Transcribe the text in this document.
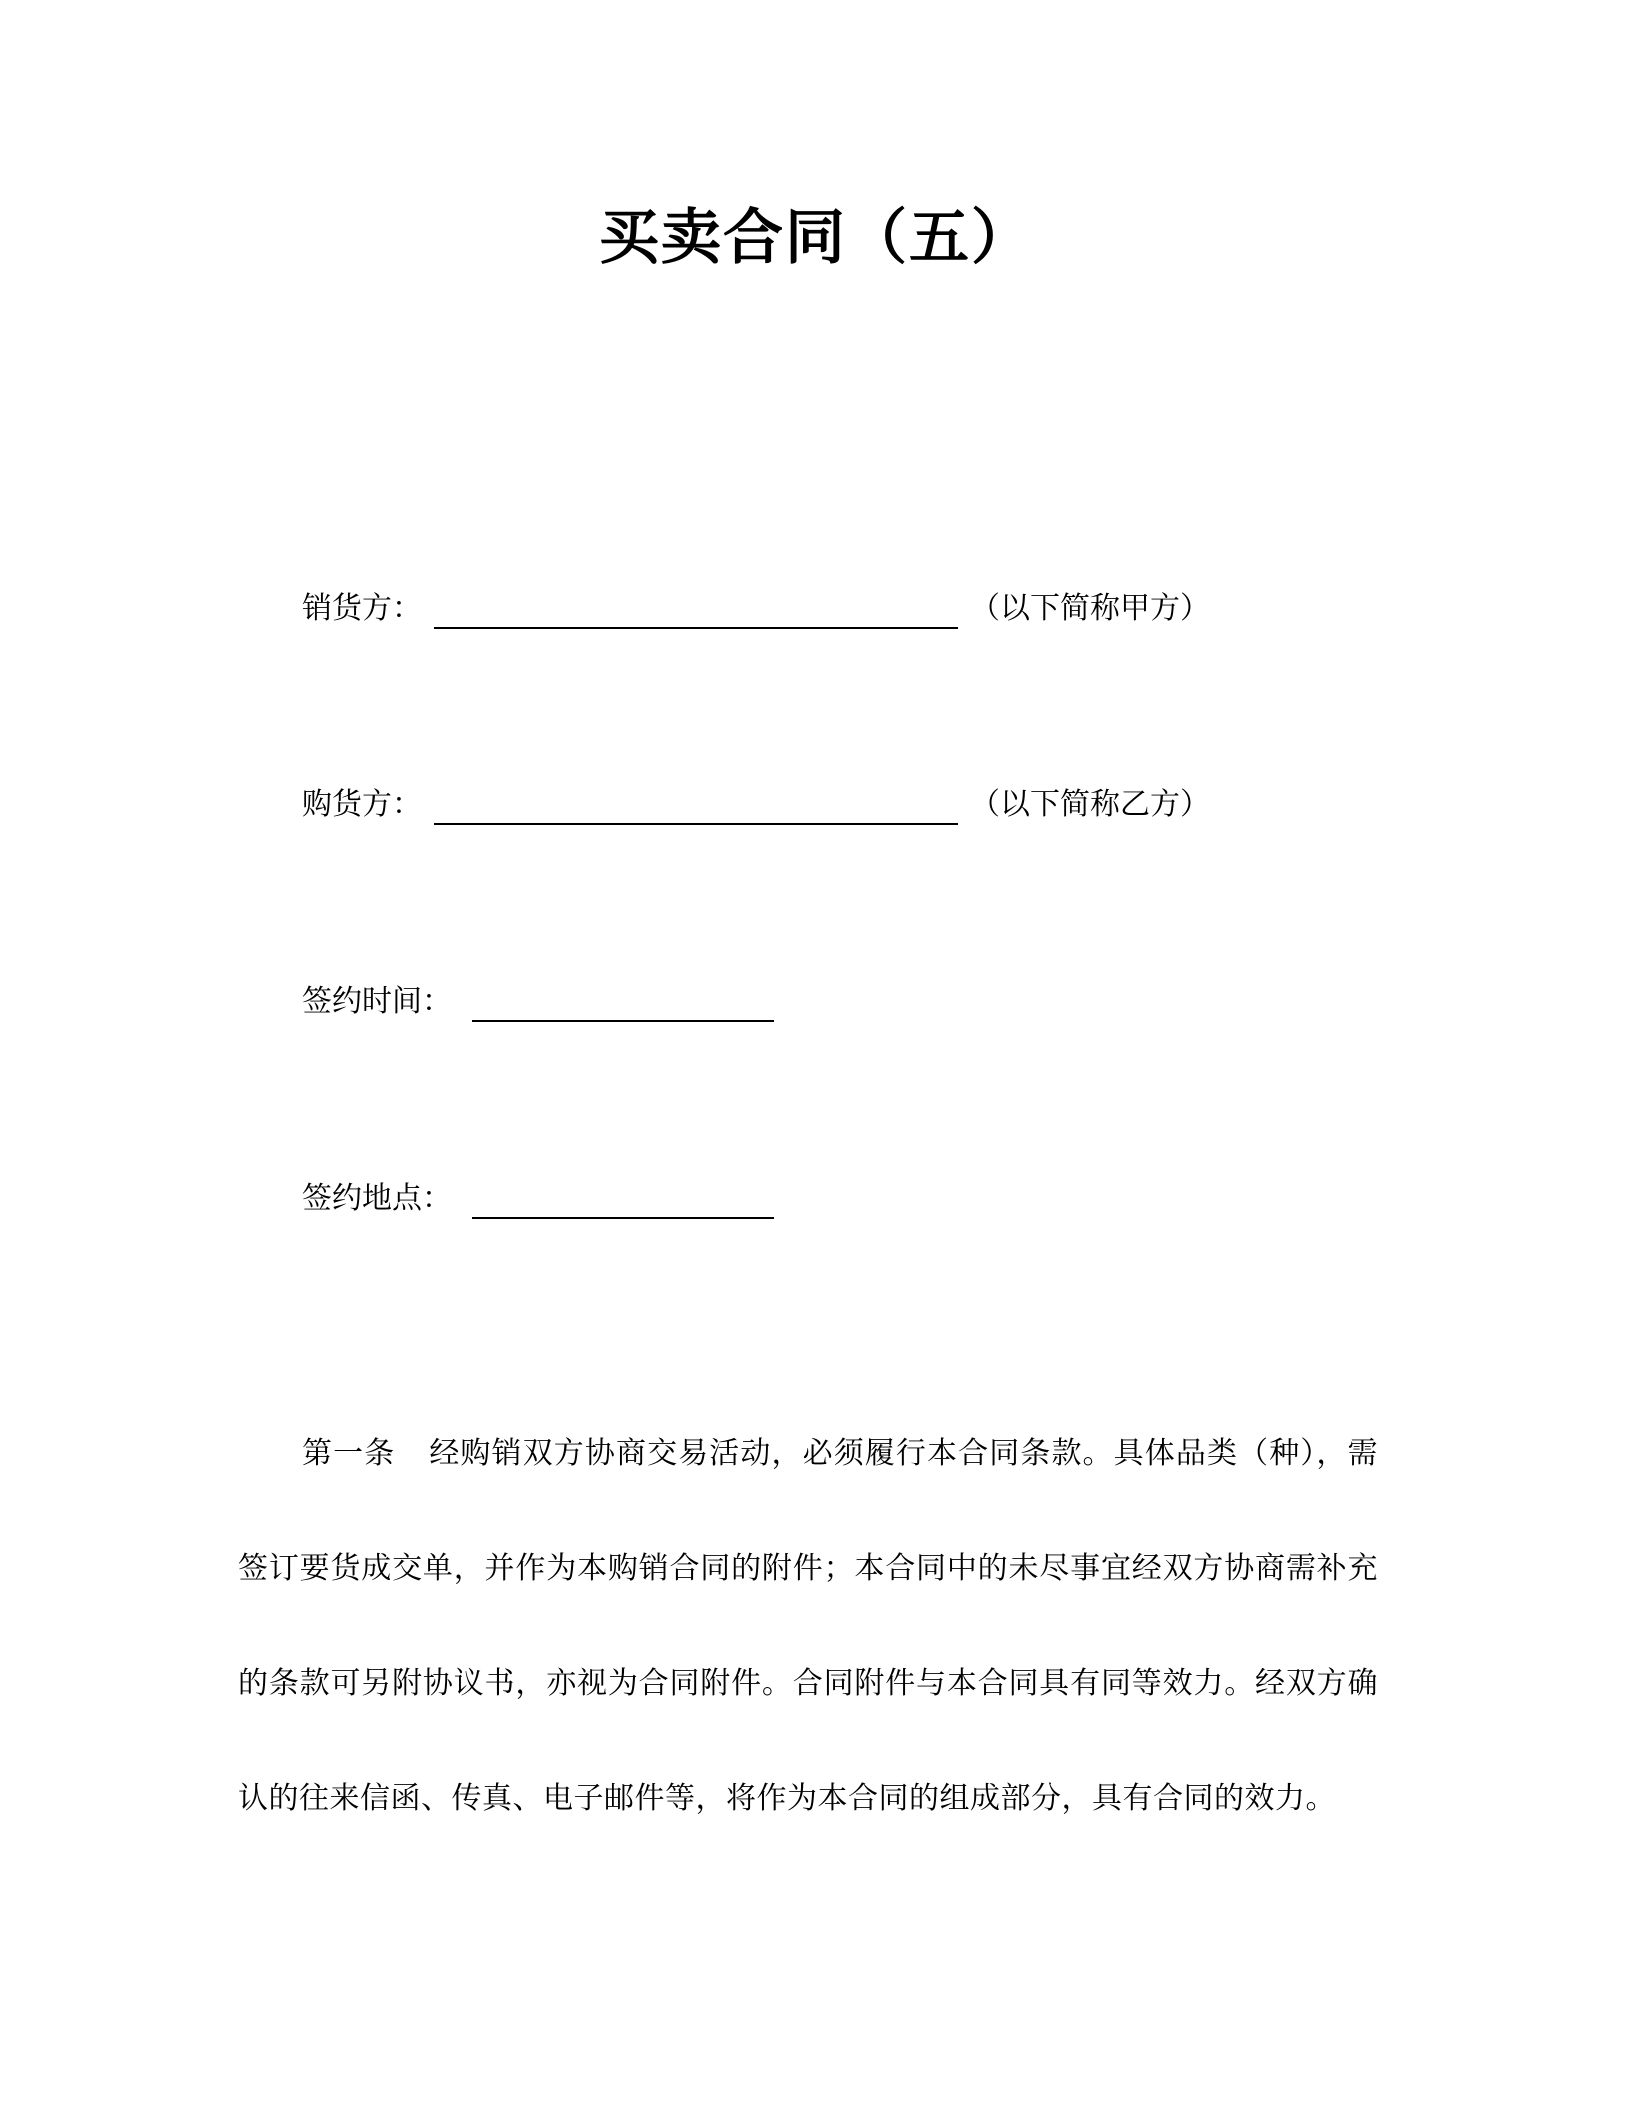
买卖合同（五）
销货方：	（以下简称甲方）
购货方：	（以下简称乙方）
签约时间：
签约地点：

第一条 经购销双方协商交易活动，必须履行本合同条款。具体品类（种），需签订要货成交单，并作为本购销合同的附件；本合同中的未尽事宜经双方协商需补充的条款可另附协议书，亦视为合同附件。合同附件与本合同具有同等效力。经双方确认的往来信函、传真、电子邮件等，将作为本合同的组成部分，具有合同的效力。
